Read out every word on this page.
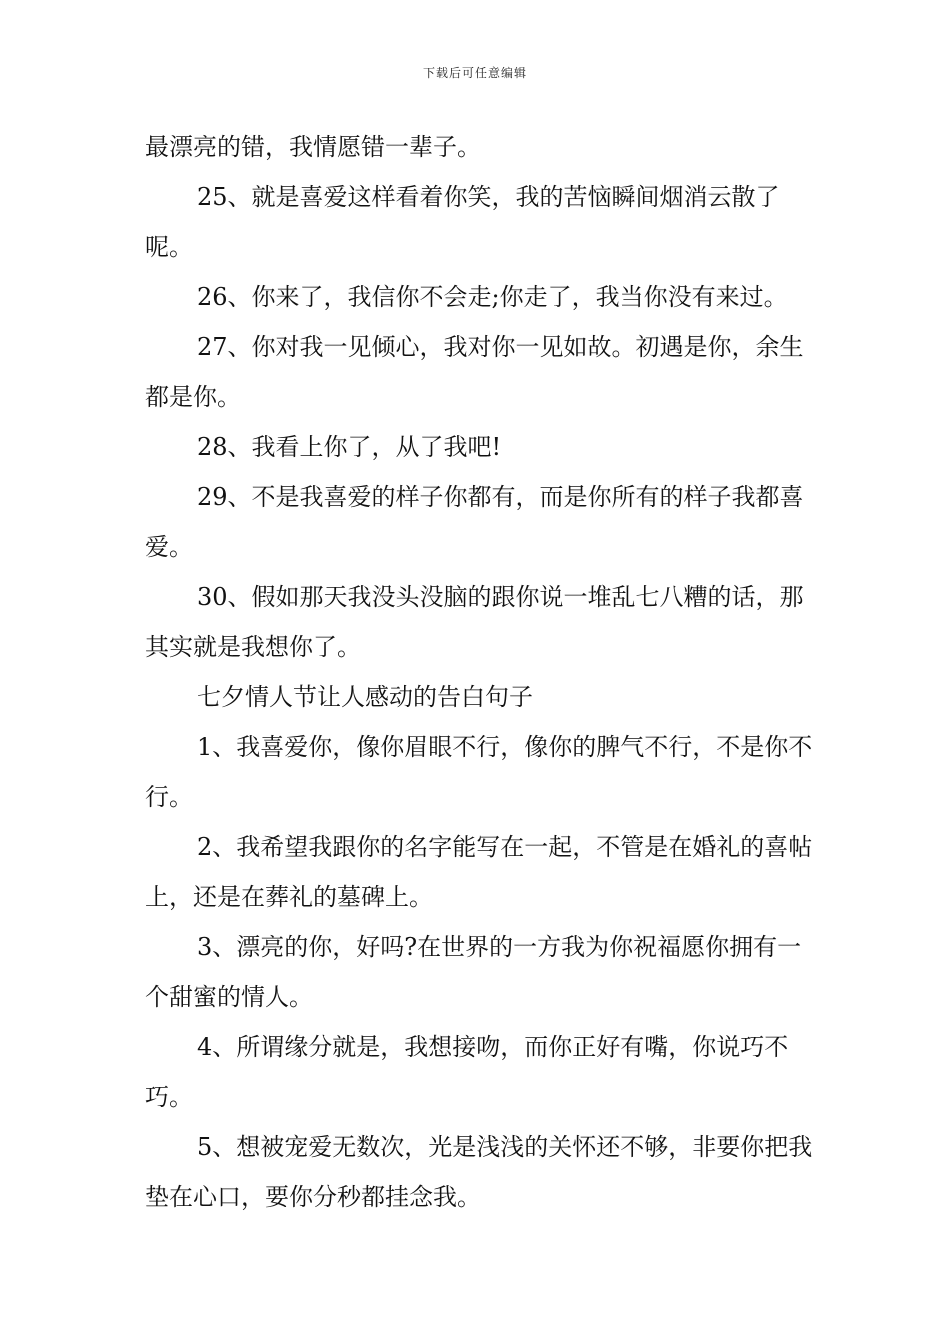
下载后可任意编辑

最漂亮的错，我情愿错一辈子。

25、就是喜爱这样看着你笑，我的苦恼瞬间烟消云散了呢。

26、你来了，我信你不会走;你走了，我当你没有来过。

27、你对我一见倾心，我对你一见如故。初遇是你，余生都是你。

28、我看上你了，从了我吧!

29、不是我喜爱的样子你都有，而是你所有的样子我都喜爱。

30、假如那天我没头没脑的跟你说一堆乱七八糟的话，那其实就是我想你了。

七夕情人节让人感动的告白句子

1、我喜爱你，像你眉眼不行，像你的脾气不行，不是你不行。

2、我希望我跟你的名字能写在一起，不管是在婚礼的喜帖上，还是在葬礼的墓碑上。

3、漂亮的你，好吗?在世界的一方我为你祝福愿你拥有一个甜蜜的情人。

4、所谓缘分就是，我想接吻，而你正好有嘴，你说巧不巧。

5、想被宠爱无数次，光是浅浅的关怀还不够，非要你把我垫在心口，要你分秒都挂念我。
